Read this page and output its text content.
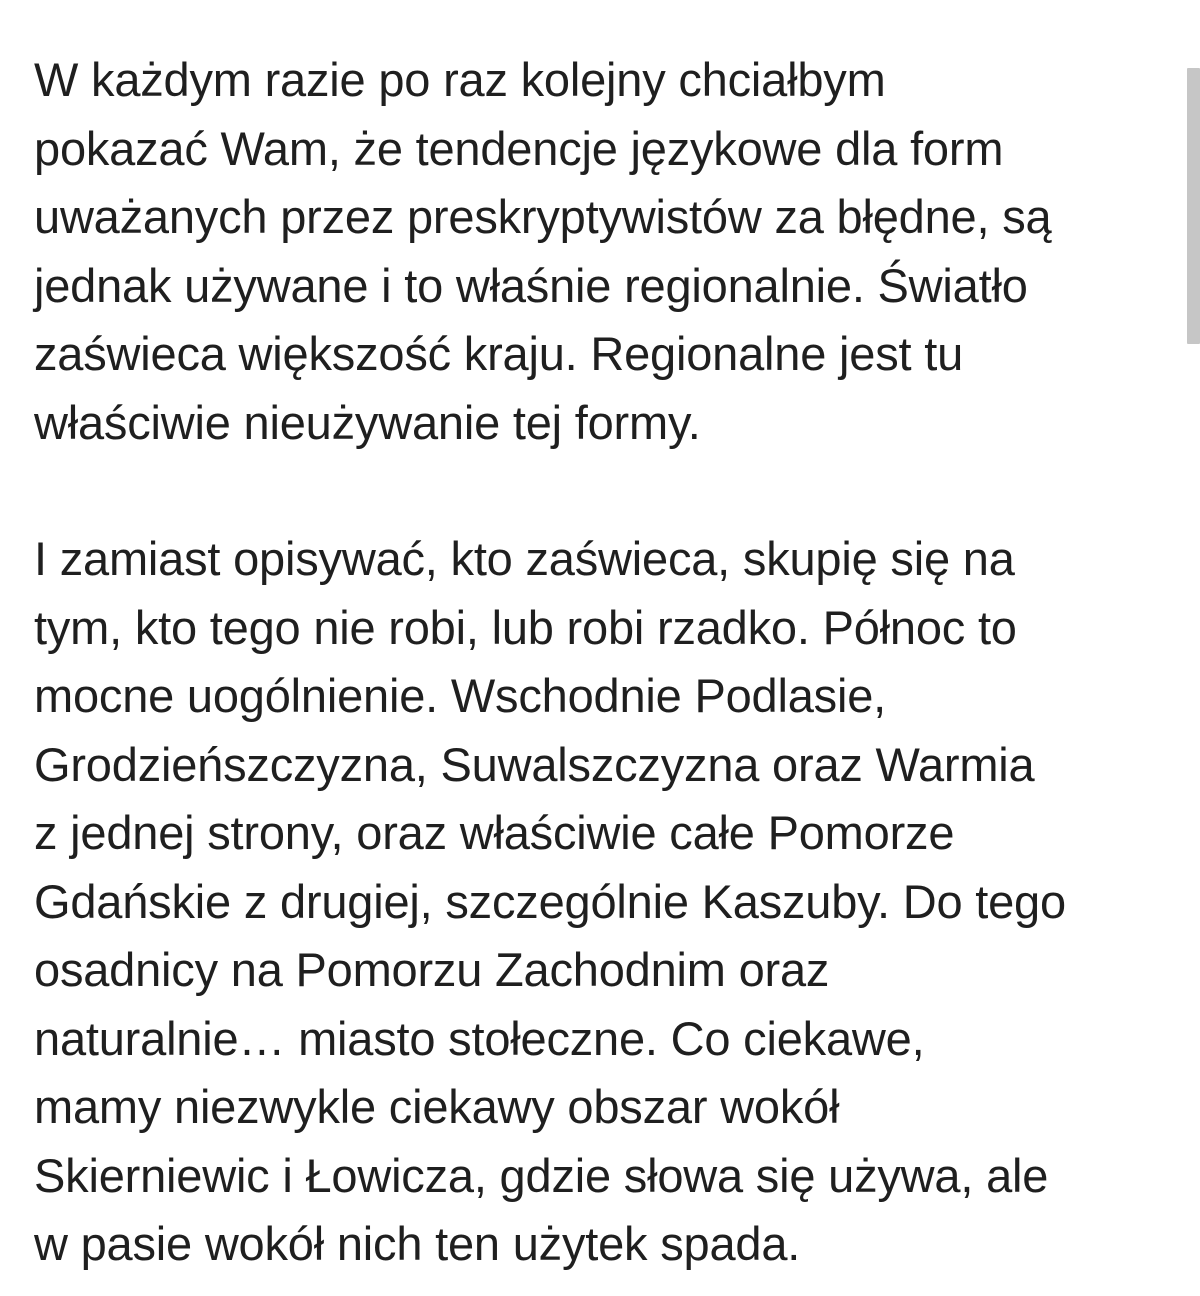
W każdym razie po raz kolejny chciałbym
pokazać Wam, że tendencje językowe dla form
uważanych przez preskryptywistów za błędne, są
jednak używane i to właśnie regionalnie. Światło
zaświeca większość kraju. Regionalne jest tu
właściwie nieużywanie tej formy.

I zamiast opisywać, kto zaświeca, skupię się na
tym, kto tego nie robi, lub robi rzadko. Północ to
mocne uogólnienie. Wschodnie Podlasie,
Grodzieńszczyzna, Suwalszczyzna oraz Warmia
z jednej strony, oraz właściwie całe Pomorze
Gdańskie z drugiej, szczególnie Kaszuby. Do tego
osadnicy na Pomorzu Zachodnim oraz
naturalnie… miasto stołeczne. Co ciekawe,
mamy niezwykle ciekawy obszar wokół
Skierniewic i Łowicza, gdzie słowa się używa, ale
w pasie wokół nich ten użytek spada.
